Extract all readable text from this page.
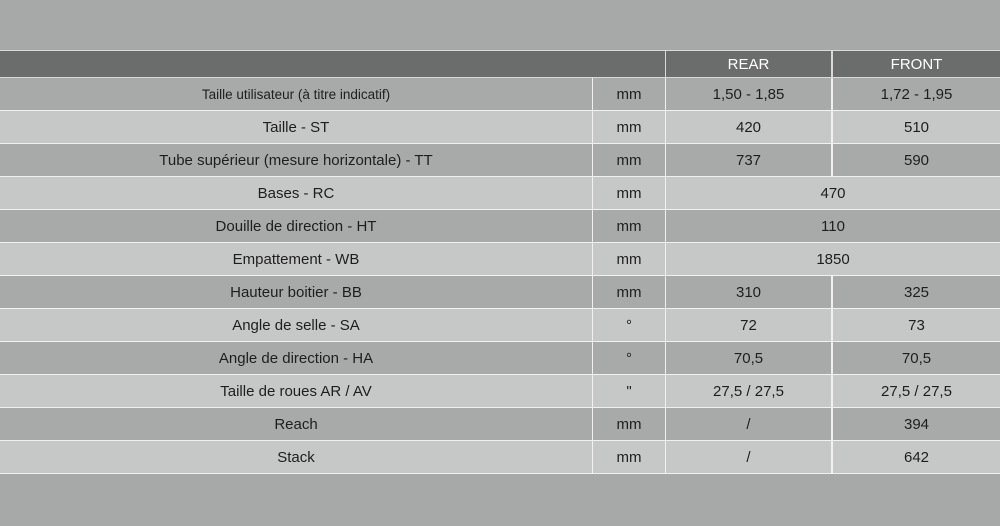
		REAR	FRONT
Taille utilisateur (à titre indicatif)	mm	1,50 - 1,85	1,72 - 1,95
Taille - ST	mm	420	510
Tube supérieur (mesure horizontale) - TT	mm	737	590
Bases - RC	mm	470	
Douille de direction - HT	mm	110	
Empattement - WB	mm	1850	
Hauteur boitier - BB	mm	310	325
Angle de selle - SA	°	72	73
Angle de direction - HA	°	70,5	70,5
Taille de roues AR / AV	"	27,5 / 27,5	27,5 / 27,5
Reach	mm	/	394
Stack	mm	/	642
